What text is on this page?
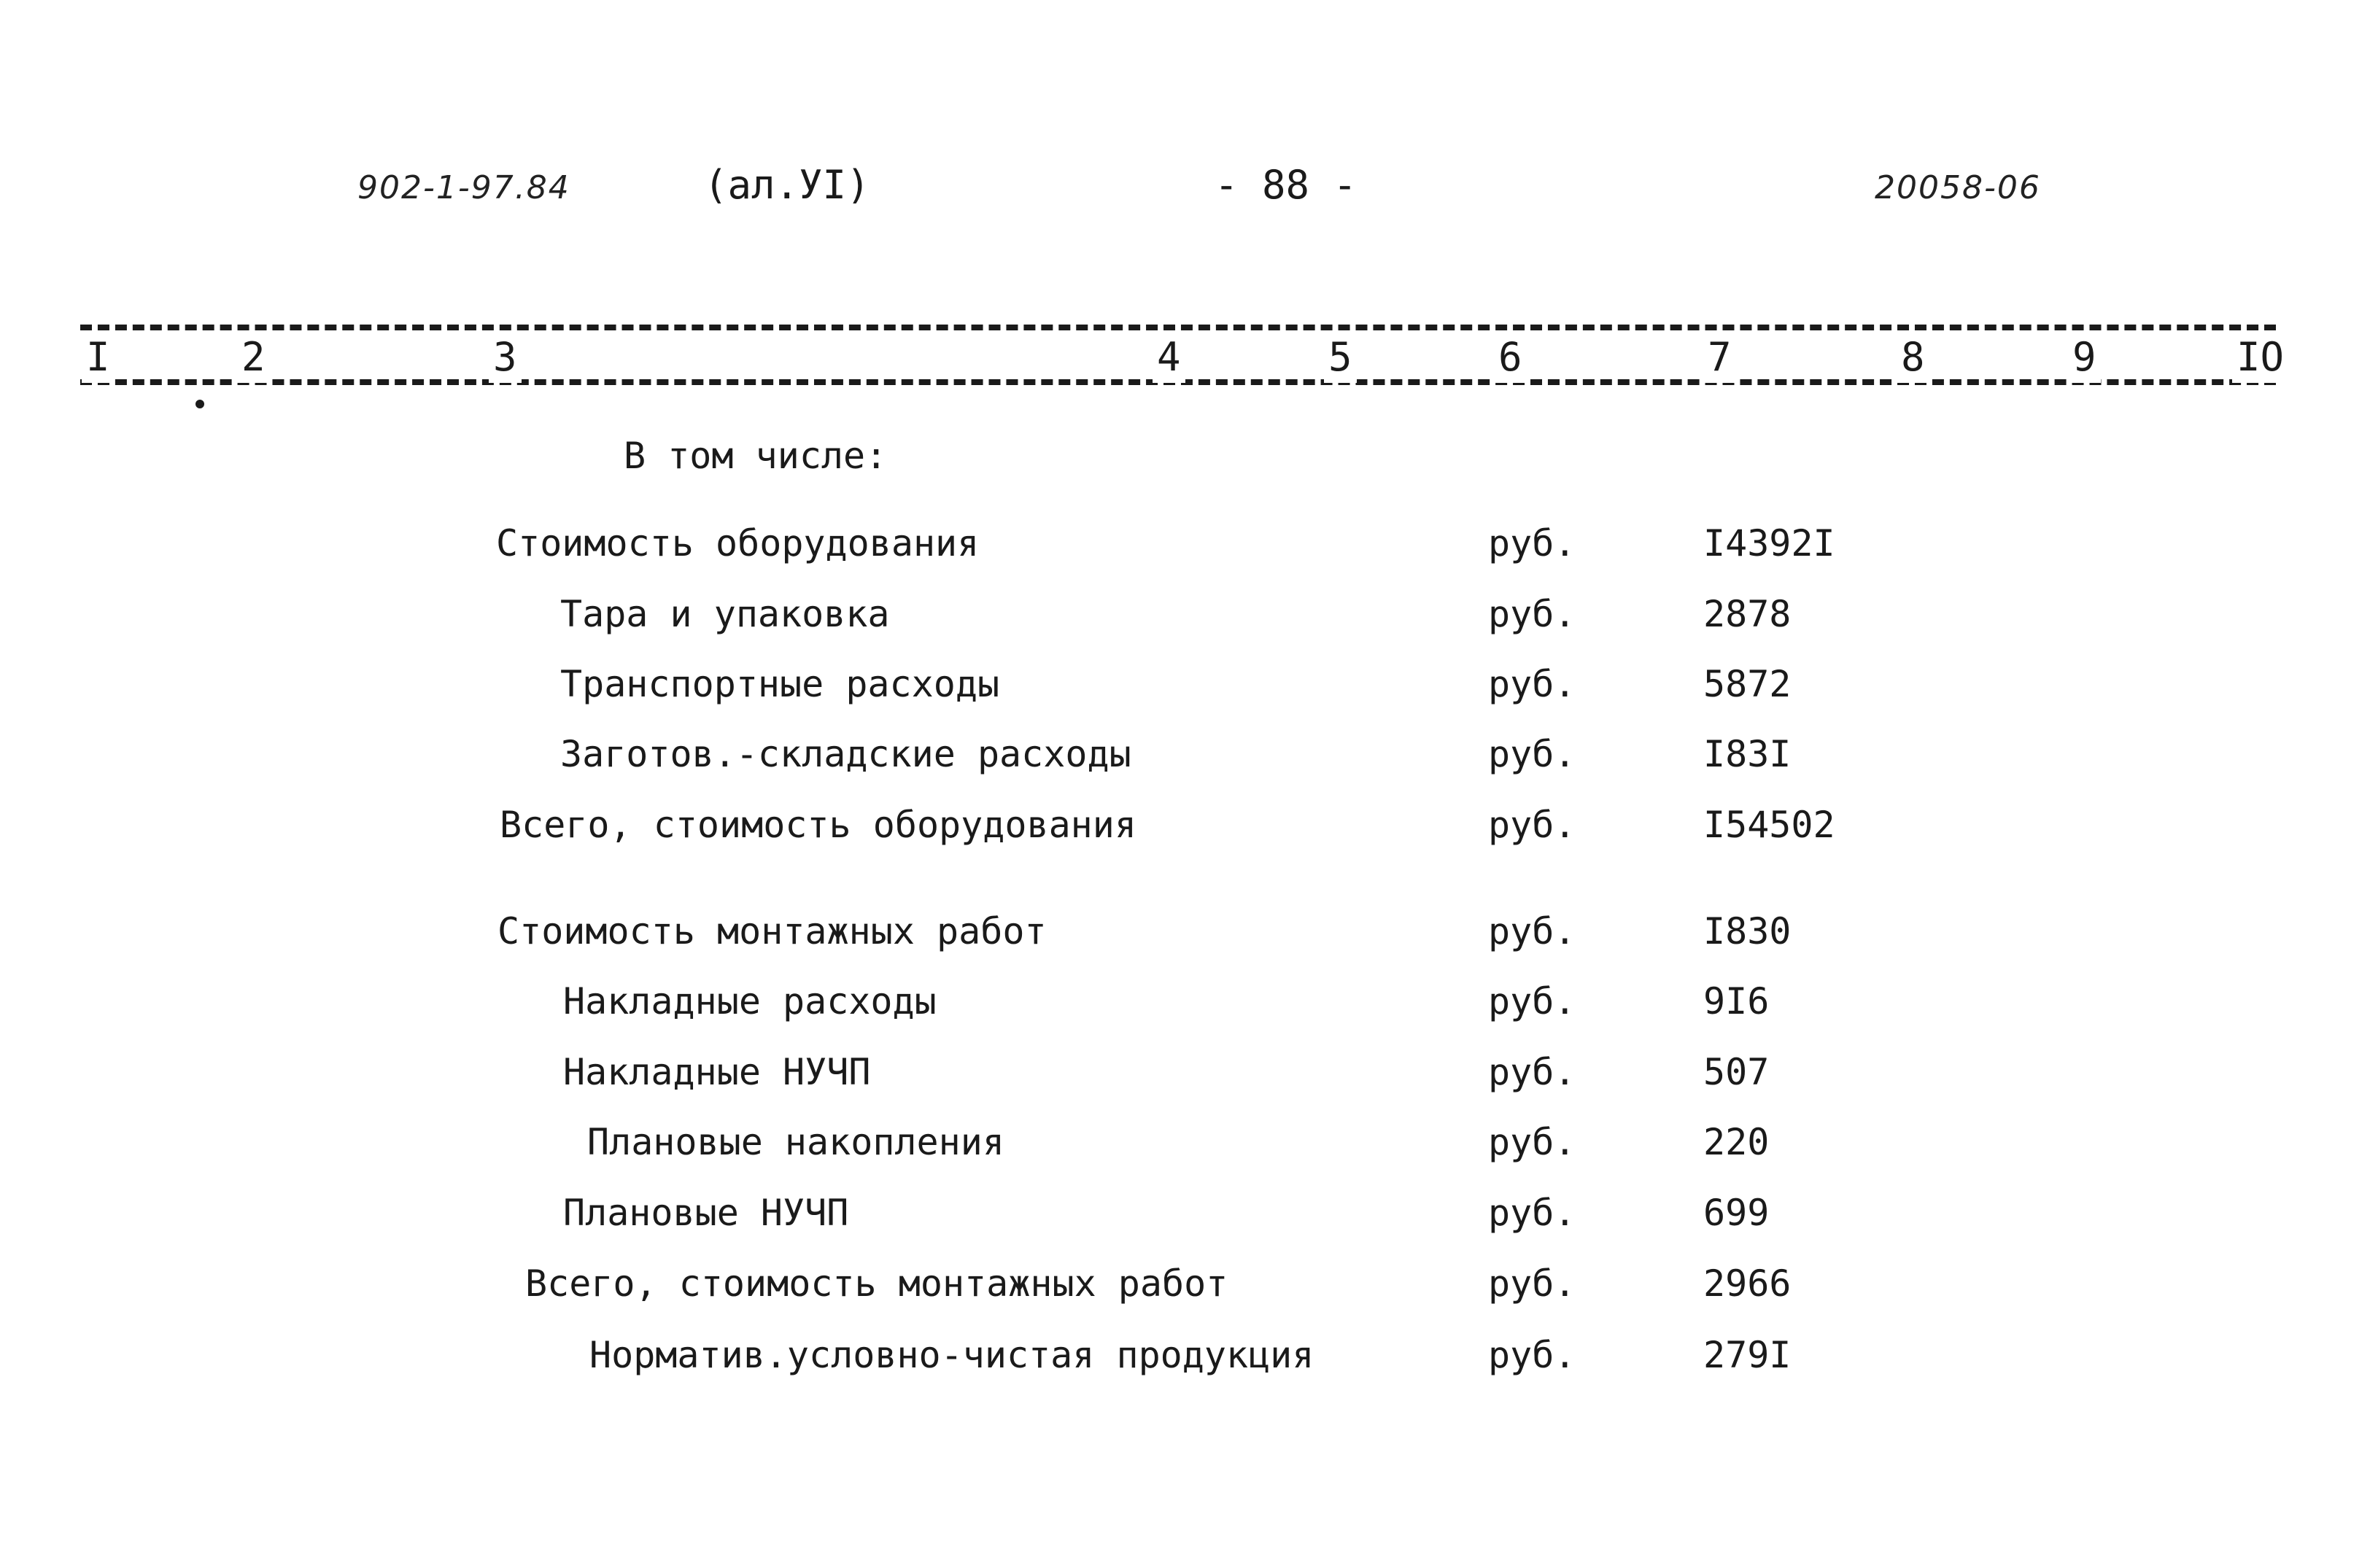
902-1-97.84	(ал.УI)	- 88 -	20058-06
I	2	3	4	5	6	7	8	9	IO
В том числе:
Стоимость оборудования	руб.	I4392I
Тара и упаковка	руб.	2878
Транспортные расходы	руб.	5872
Заготов.-складские расходы	руб.	I83I
Всего, стоимость оборудования	руб.	I54502
Стоимость монтажных работ	руб.	I830
Накладные расходы	руб.	9I6
Накладные НУЧП	руб.	507
Плановые накопления	руб.	220
Плановые НУЧП	руб.	699
Всего, стоимость монтажных работ	руб.	2966
Норматив.условно-чистая продукция	руб.	279I
